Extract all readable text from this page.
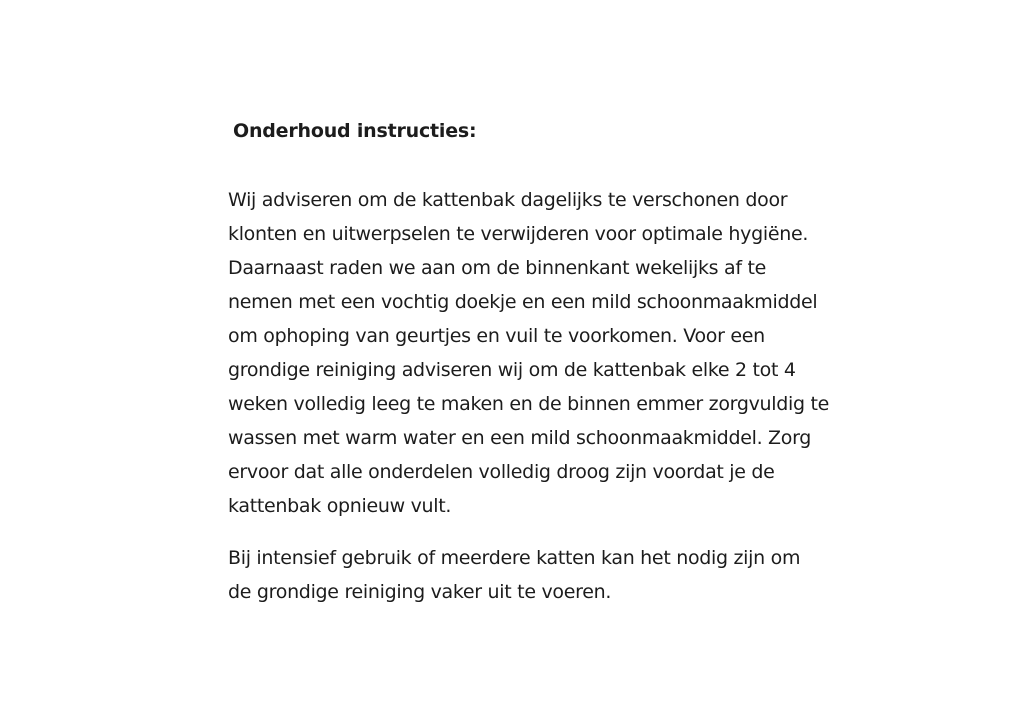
Onderhoud instructies:

Wij adviseren om de kattenbak dagelijks te verschonen door
klonten en uitwerpselen te verwijderen voor optimale hygiëne.
Daarnaast raden we aan om de binnenkant wekelijks af te
nemen met een vochtig doekje en een mild schoonmaakmiddel
om ophoping van geurtjes en vuil te voorkomen. Voor een
grondige reiniging adviseren wij om de kattenbak elke 2 tot 4
weken volledig leeg te maken en de binnen emmer zorgvuldig te
wassen met warm water en een mild schoonmaakmiddel. Zorg
ervoor dat alle onderdelen volledig droog zijn voordat je de
kattenbak opnieuw vult.

Bij intensief gebruik of meerdere katten kan het nodig zijn om
de grondige reiniging vaker uit te voeren.
